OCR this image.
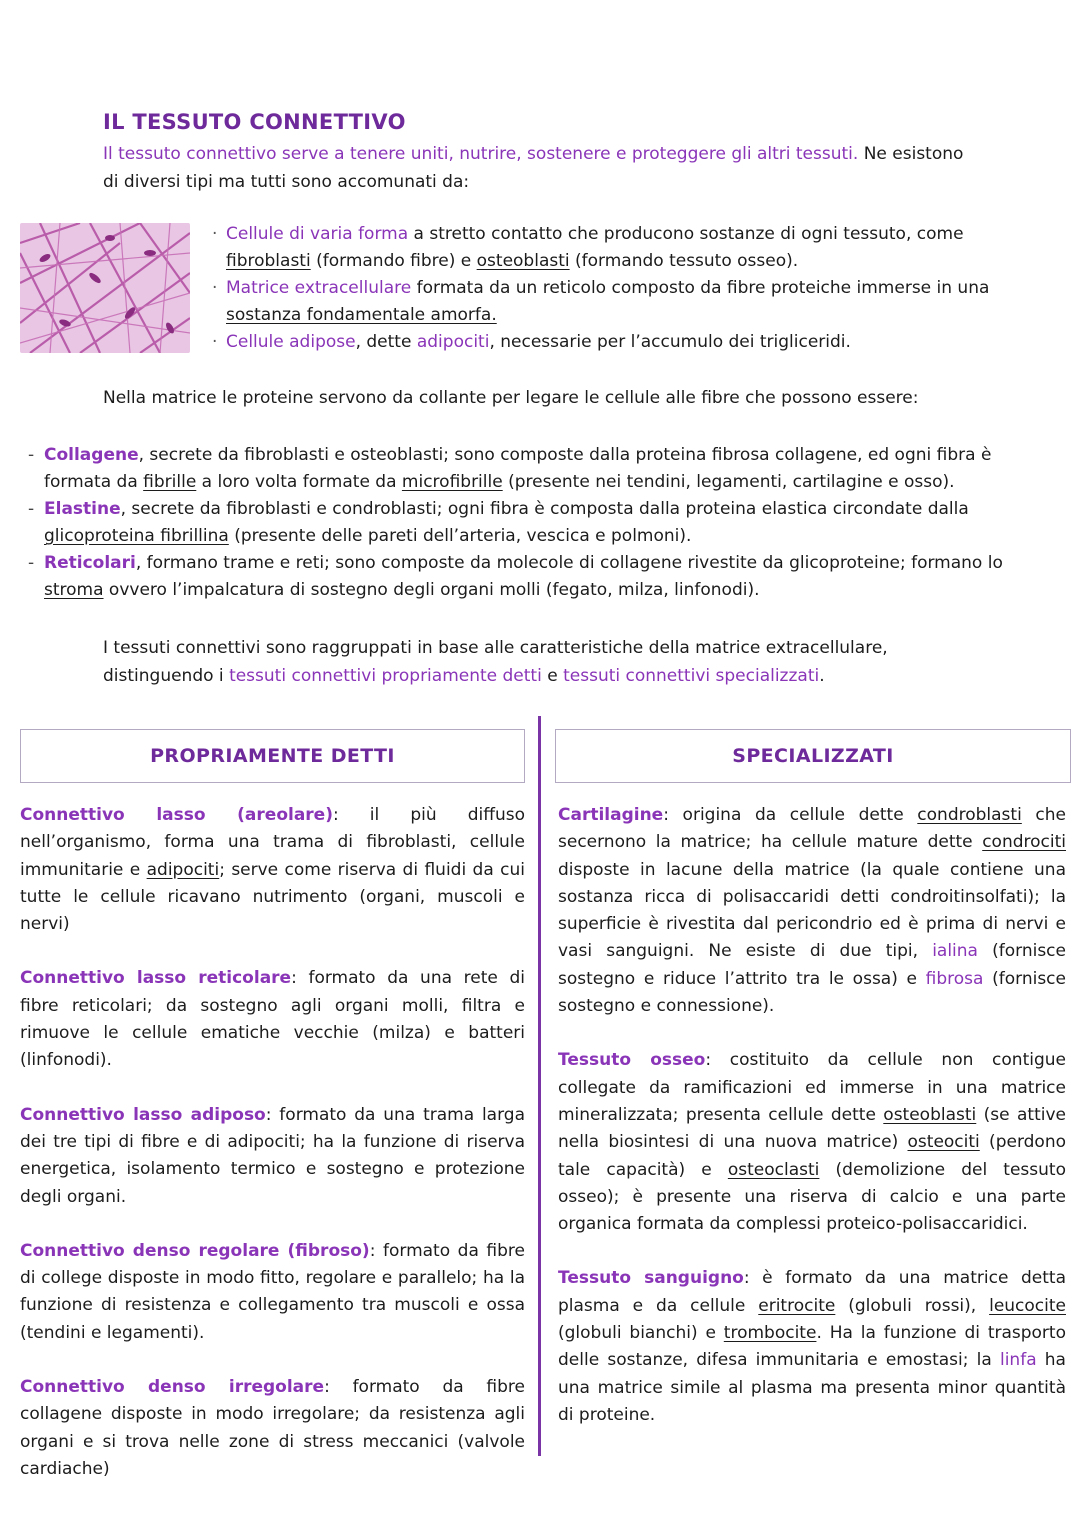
IL TESSUTO CONNETTIVO
Il tessuto connettivo serve a tenere uniti, nutrire, sostenere e proteggere gli altri tessuti. Ne esistono di diversi tipi ma tutti sono accomunati da:
· Cellule di varia forma a stretto contatto che producono sostanze di ogni tessuto, come fibroblasti (formando fibre) e osteoblasti (formando tessuto osseo).
· Matrice extracellulare formata da un reticolo composto da fibre proteiche immerse in una sostanza fondamentale amorfa.
· Cellule adipose, dette adipociti, necessarie per l’accumulo dei trigliceridi.
Nella matrice le proteine servono da collante per legare le cellule alle fibre che possono essere:
- Collagene, secrete da fibroblasti e osteoblasti; sono composte dalla proteina fibrosa collagene, ed ogni fibra è formata da fibrille a loro volta formate da microfibrille (presente nei tendini, legamenti, cartilagine e osso).
- Elastine, secrete da fibroblasti e condroblasti; ogni fibra è composta dalla proteina elastica circondate dalla glicoproteina fibrillina (presente delle pareti dell’arteria, vescica e polmoni).
- Reticolari, formano trame e reti; sono composte da molecole di collagene rivestite da glicoproteine; formano lo stroma ovvero l’impalcatura di sostegno degli organi molli (fegato, milza, linfonodi).
I tessuti connettivi sono raggruppati in base alle caratteristiche della matrice extracellulare, distinguendo i tessuti connettivi propriamente detti e tessuti connettivi specializzati.
PROPRIAMENTE DETTI	SPECIALIZZATI

Connettivo lasso (areolare): il più diffuso nell’organismo, forma una trama di fibroblasti, cellule immunitarie e adipociti; serve come riserva di fluidi da cui tutte le cellule ricavano nutrimento (organi, muscoli e nervi)

Connettivo lasso reticolare: formato da una rete di fibre reticolari; da sostegno agli organi molli, filtra e rimuove le cellule ematiche vecchie (milza) e batteri (linfonodi).

Connettivo lasso adiposo: formato da una trama larga dei tre tipi di fibre e di adipociti; ha la funzione di riserva energetica, isolamento termico e sostegno e protezione degli organi.

Connettivo denso regolare (fibroso): formato da fibre di college disposte in modo fitto, regolare e parallelo; ha la funzione di resistenza e collegamento tra muscoli e ossa (tendini e legamenti).

Connettivo denso irregolare: formato da fibre collagene disposte in modo irregolare; da resistenza agli organi e si trova nelle zone di stress meccanici (valvole cardiache)

Cartilagine: origina da cellule dette condroblasti che secernono la matrice; ha cellule mature dette condrociti disposte in lacune della matrice (la quale contiene una sostanza ricca di polisaccaridi detti condroitinsolfati); la superficie è rivestita dal pericondrio ed è prima di nervi e vasi sanguigni. Ne esiste di due tipi, ialina (fornisce sostegno e riduce l’attrito tra le ossa) e fibrosa (fornisce sostegno e connessione).

Tessuto osseo: costituito da cellule non contigue collegate da ramificazioni ed immerse in una matrice mineralizzata; presenta cellule dette osteoblasti (se attive nella biosintesi di una nuova matrice) osteociti (perdono tale capacità) e osteoclasti (demolizione del tessuto osseo); è presente una riserva di calcio e una parte organica formata da complessi proteico-polisaccaridici.

Tessuto sanguigno: è formato da una matrice detta plasma e da cellule eritrocite (globuli rossi), leucocite (globuli bianchi) e trombocite. Ha la funzione di trasporto delle sostanze, difesa immunitaria e emostasi; la linfa ha una matrice simile al plasma ma presenta minor quantità di proteine.
